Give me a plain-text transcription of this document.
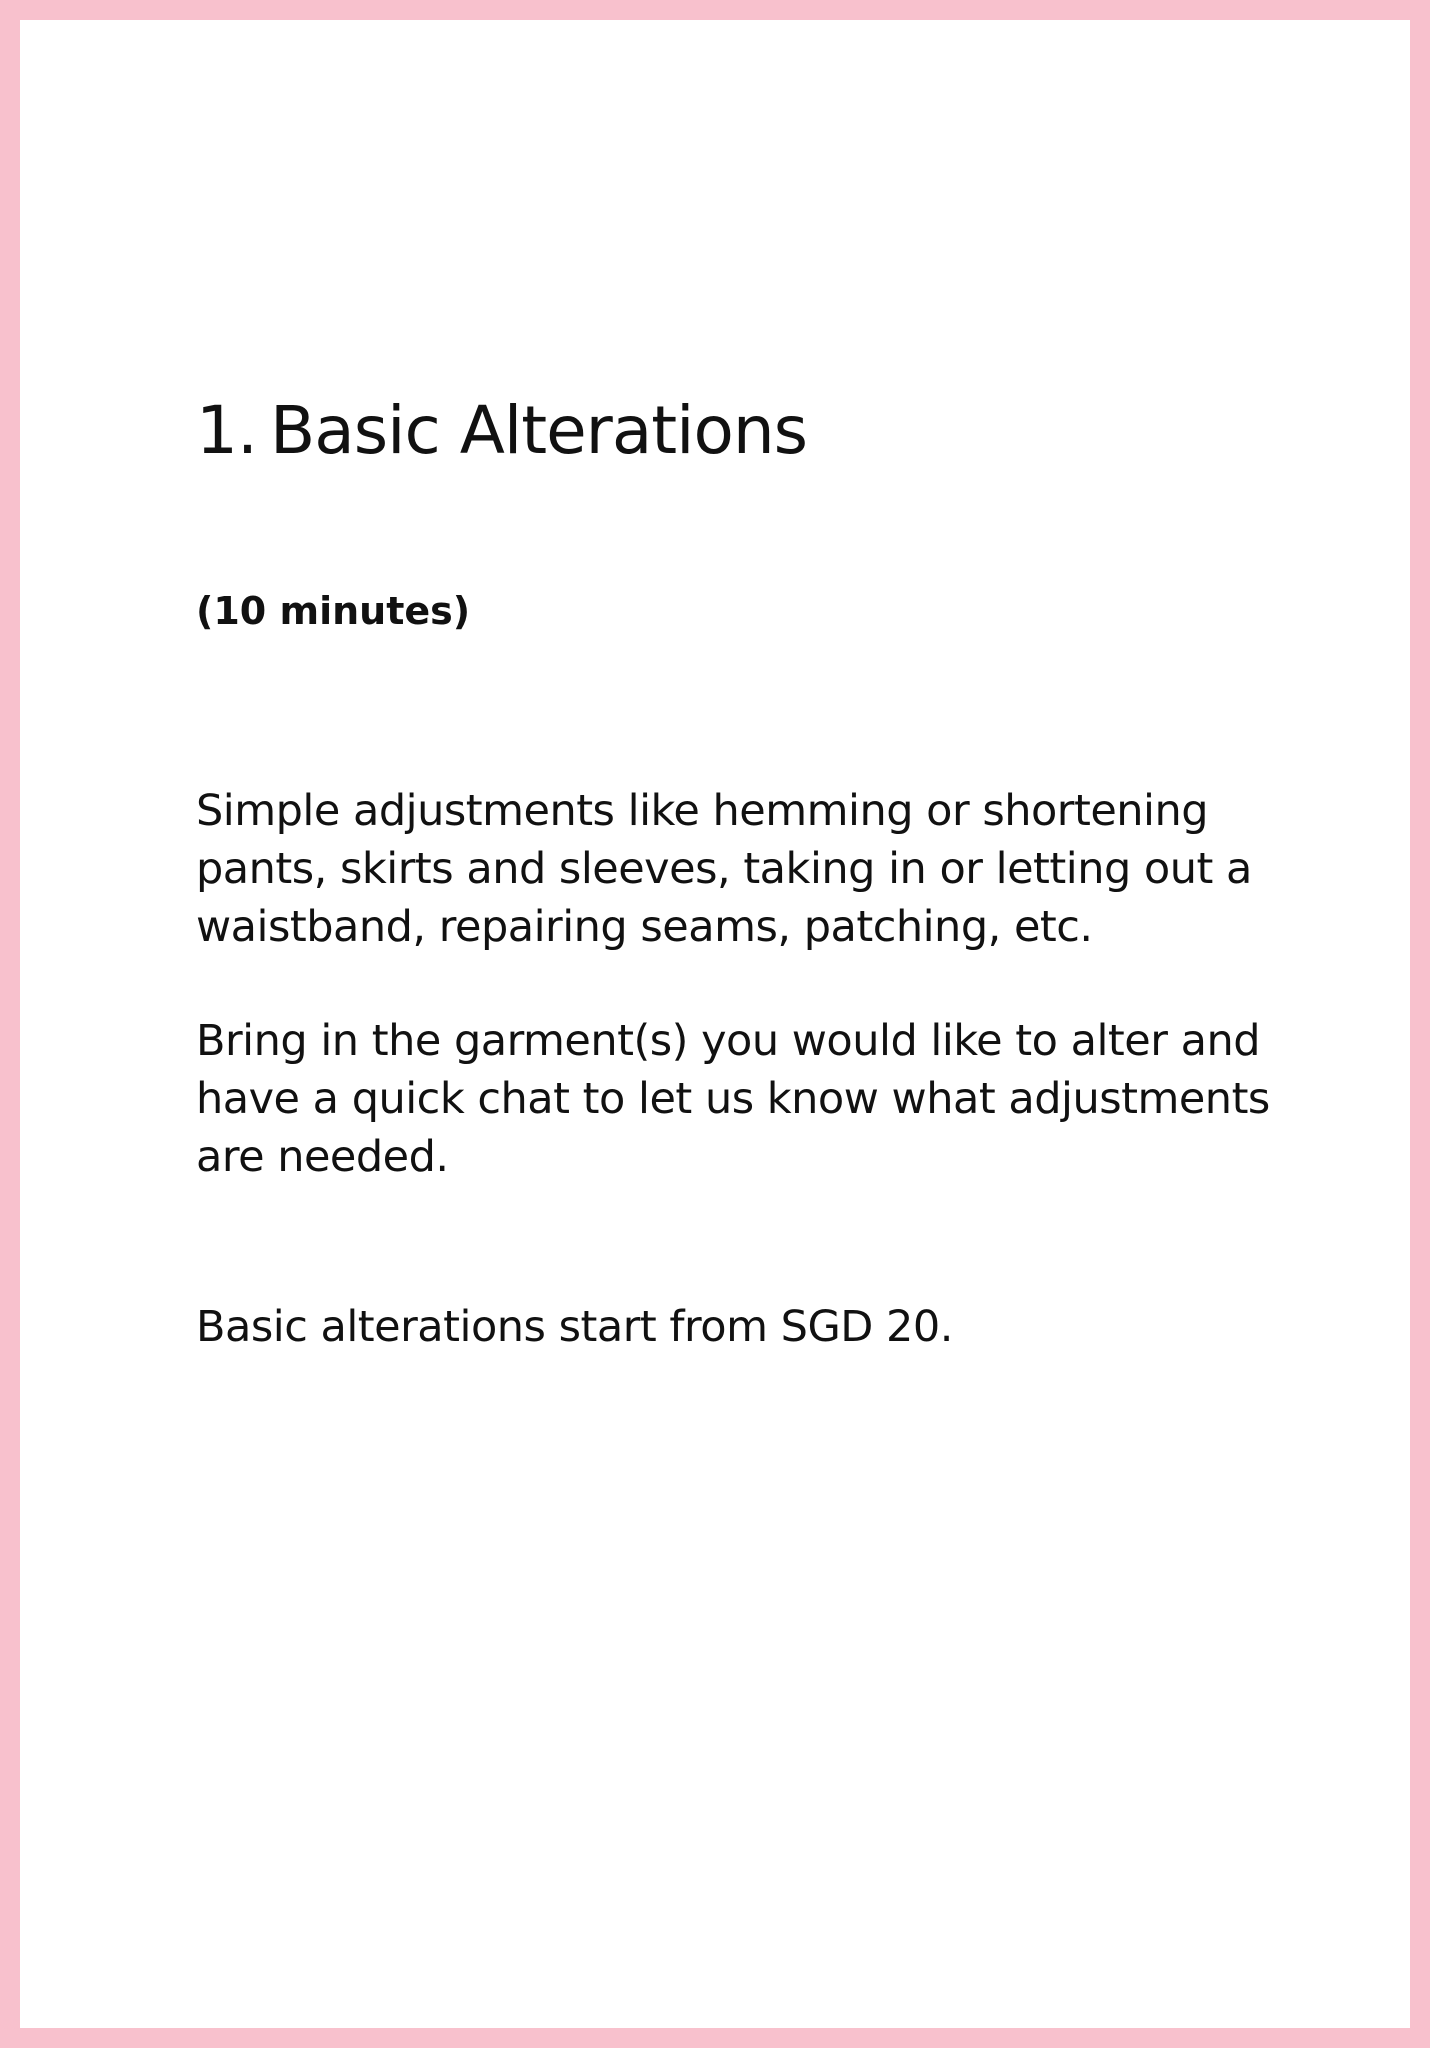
1. Basic Alterations

(10 minutes)

Simple adjustments like hemming or shortening
pants, skirts and sleeves, taking in or letting out a
waistband, repairing seams, patching, etc.

Bring in the garment(s) you would like to alter and
have a quick chat to let us know what adjustments
are needed.

Basic alterations start from SGD 20.
